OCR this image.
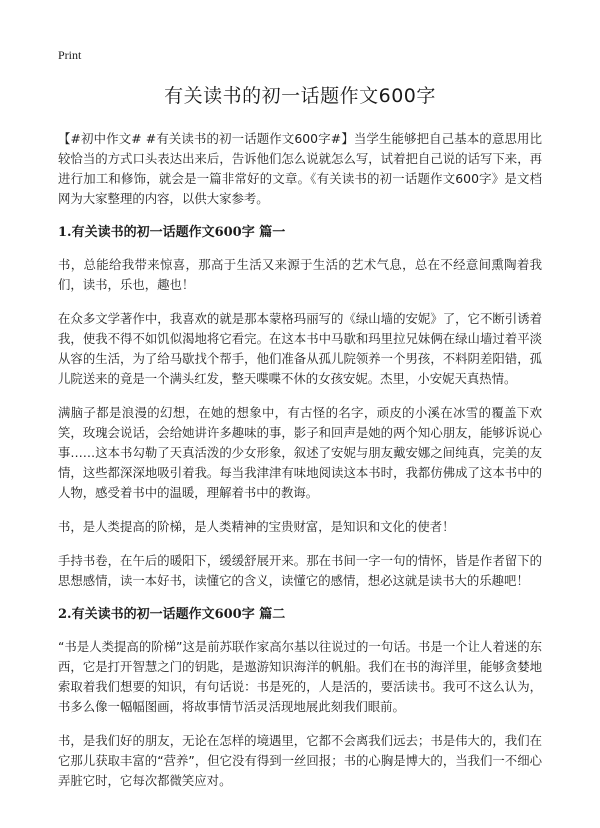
Print
有关读书的初一话题作文600字

【#初中作文# #有关读书的初一话题作文600字#】当学生能够把自己基本的意思用比较恰当的方式口头表达出来后，告诉他们怎么说就怎么写，试着把自己说的话写下来，再进行加工和修饰，就会是一篇非常好的文章。《有关读书的初一话题作文600字》是文档网为大家整理的内容，以供大家参考。

1.有关读书的初一话题作文600字 篇一

书，总能给我带来惊喜，那高于生活又来源于生活的艺术气息，总在不经意间熏陶着我们，读书，乐也，趣也！

在众多文学著作中，我喜欢的就是那本蒙格玛丽写的《绿山墙的安妮》了，它不断引诱着我，使我不得不如饥似渴地将它看完。在这本书中马歇和玛里拉兄妹俩在绿山墙过着平淡从容的生活，为了给马歇找个帮手，他们准备从孤儿院领养一个男孩，不料阴差阳错，孤儿院送来的竟是一个满头红发，整天喋喋不休的女孩安妮。杰里，小安妮天真热情。

满脑子都是浪漫的幻想，在她的想象中，有古怪的名字，顽皮的小溪在冰雪的覆盖下欢笑，玫瑰会说话，会给她讲许多趣味的事，影子和回声是她的两个知心朋友，能够诉说心事……这本书勾勒了天真活泼的少女形象，叙述了安妮与朋友戴安娜之间纯真，完美的友情，这些都深深地吸引着我。每当我津津有味地阅读这本书时，我都仿佛成了这本书中的人物，感受着书中的温暖，理解着书中的教诲。

书，是人类提高的阶梯，是人类精神的宝贵财富，是知识和文化的使者！

手持书卷，在午后的暖阳下，缓缓舒展开来。那在书间一字一句的情怀，皆是作者留下的思想感情，读一本好书，读懂它的含义，读懂它的感情，想必这就是读书大的乐趣吧！

2.有关读书的初一话题作文600字 篇二

“书是人类提高的阶梯”这是前苏联作家高尔基以往说过的一句话。书是一个让人着迷的东西，它是打开智慧之门的钥匙，是遨游知识海洋的帆船。我们在书的海洋里，能够贪婪地索取着我们想要的知识，有句话说：书是死的，人是活的，要活读书。我可不这么认为，书多么像一幅幅图画，将故事情节活灵活现地展此刻我们眼前。

书，是我们好的朋友，无论在怎样的境遇里，它都不会离我们远去；书是伟大的，我们在它那儿获取丰富的“营养”，但它没有得到一丝回报；书的心胸是博大的，当我们一不细心弄脏它时，它每次都微笑应对。
